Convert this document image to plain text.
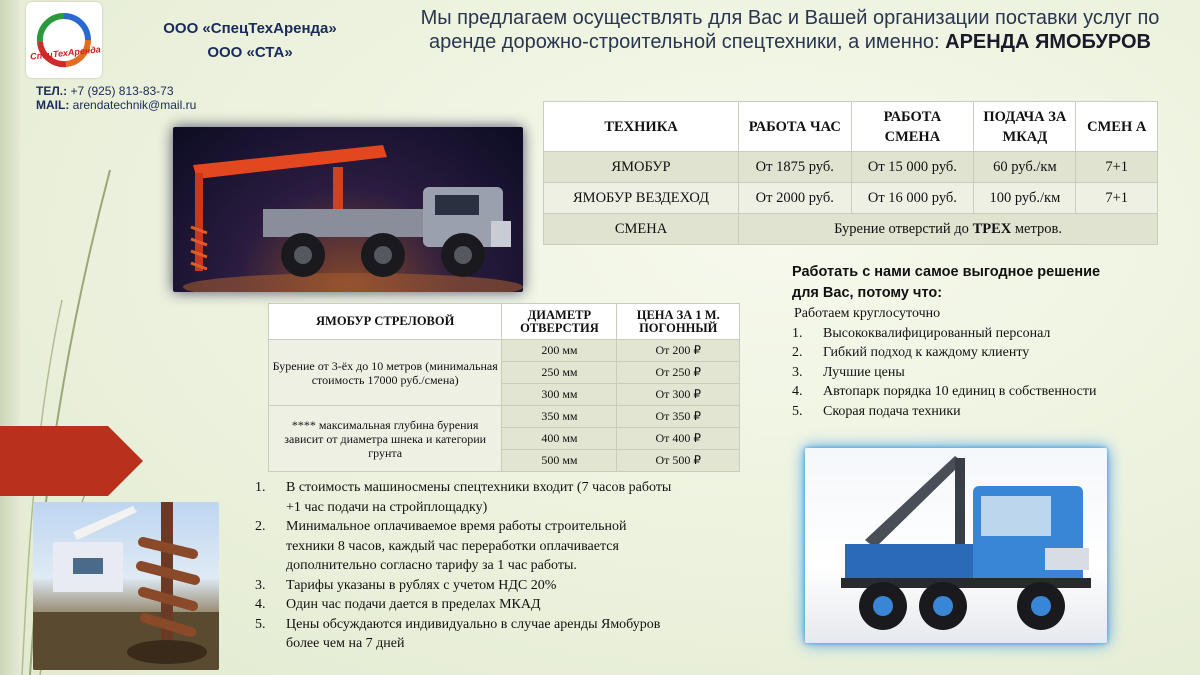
СпецТехАренда
ООО «СпецТехАренда»
ООО «СТА»
ТЕЛ.: +7 (925) 813-83-73
MAIL: arendatechnik@mail.ru
Мы предлагаем осуществлять для Вас и Вашей организации поставки услуг по аренде дорожно-строительной спецтехники, а именно: АРЕНДА ЯМОБУРОВ
ТЕХНИКА	РАБОТА ЧАС	РАБОТА СМЕНА	ПОДАЧА ЗА МКАД	СМЕН А
ЯМОБУР	От 1875 руб.	От 15 000 руб.	60 руб./км	7+1
ЯМОБУР ВЕЗДЕХОД	От 2000 руб.	От 16 000 руб.	100 руб./км	7+1
СМЕНА	Бурение отверстий до ТРЕХ метров.			
ЯМОБУР СТРЕЛОВОЙ	ДИАМЕТР ОТВЕРСТИЯ	ЦЕНА ЗА 1 М. ПОГОННЫЙ
Бурение от 3-ёх до 10 метров (минимальная стоимость 17000 руб./смена)	200 мм	От 200 ₽
	250 мм	От 250 ₽
	300 мм	От 300 ₽
**** максимальная глубина бурения зависит от диаметра шнека и категории грунта	350 мм	От 350 ₽
	400 мм	От 400 ₽
	500 мм	От 500 ₽
1. В стоимость машиносмены спецтехники входит (7 часов работы +1 час подачи на стройплощадку)
2. Минимальное оплачиваемое время работы строительной техники 8 часов, каждый час переработки оплачивается дополнительно согласно тарифу за 1 час работы.
3. Тарифы указаны в рублях с учетом НДС 20%
4. Один час подачи дается в пределах МКАД
5. Цены обсуждаются индивидуально в случае аренды Ямобуров более чем на 7 дней
Работать с нами самое выгодное решение для Вас, потому что:
Работаем круглосуточно
1. Высококвалифицированный персонал
2. Гибкий подход к каждому клиенту
3. Лучшие цены
4. Автопарк порядка 10 единиц в собственности
5. Скорая подача техники
